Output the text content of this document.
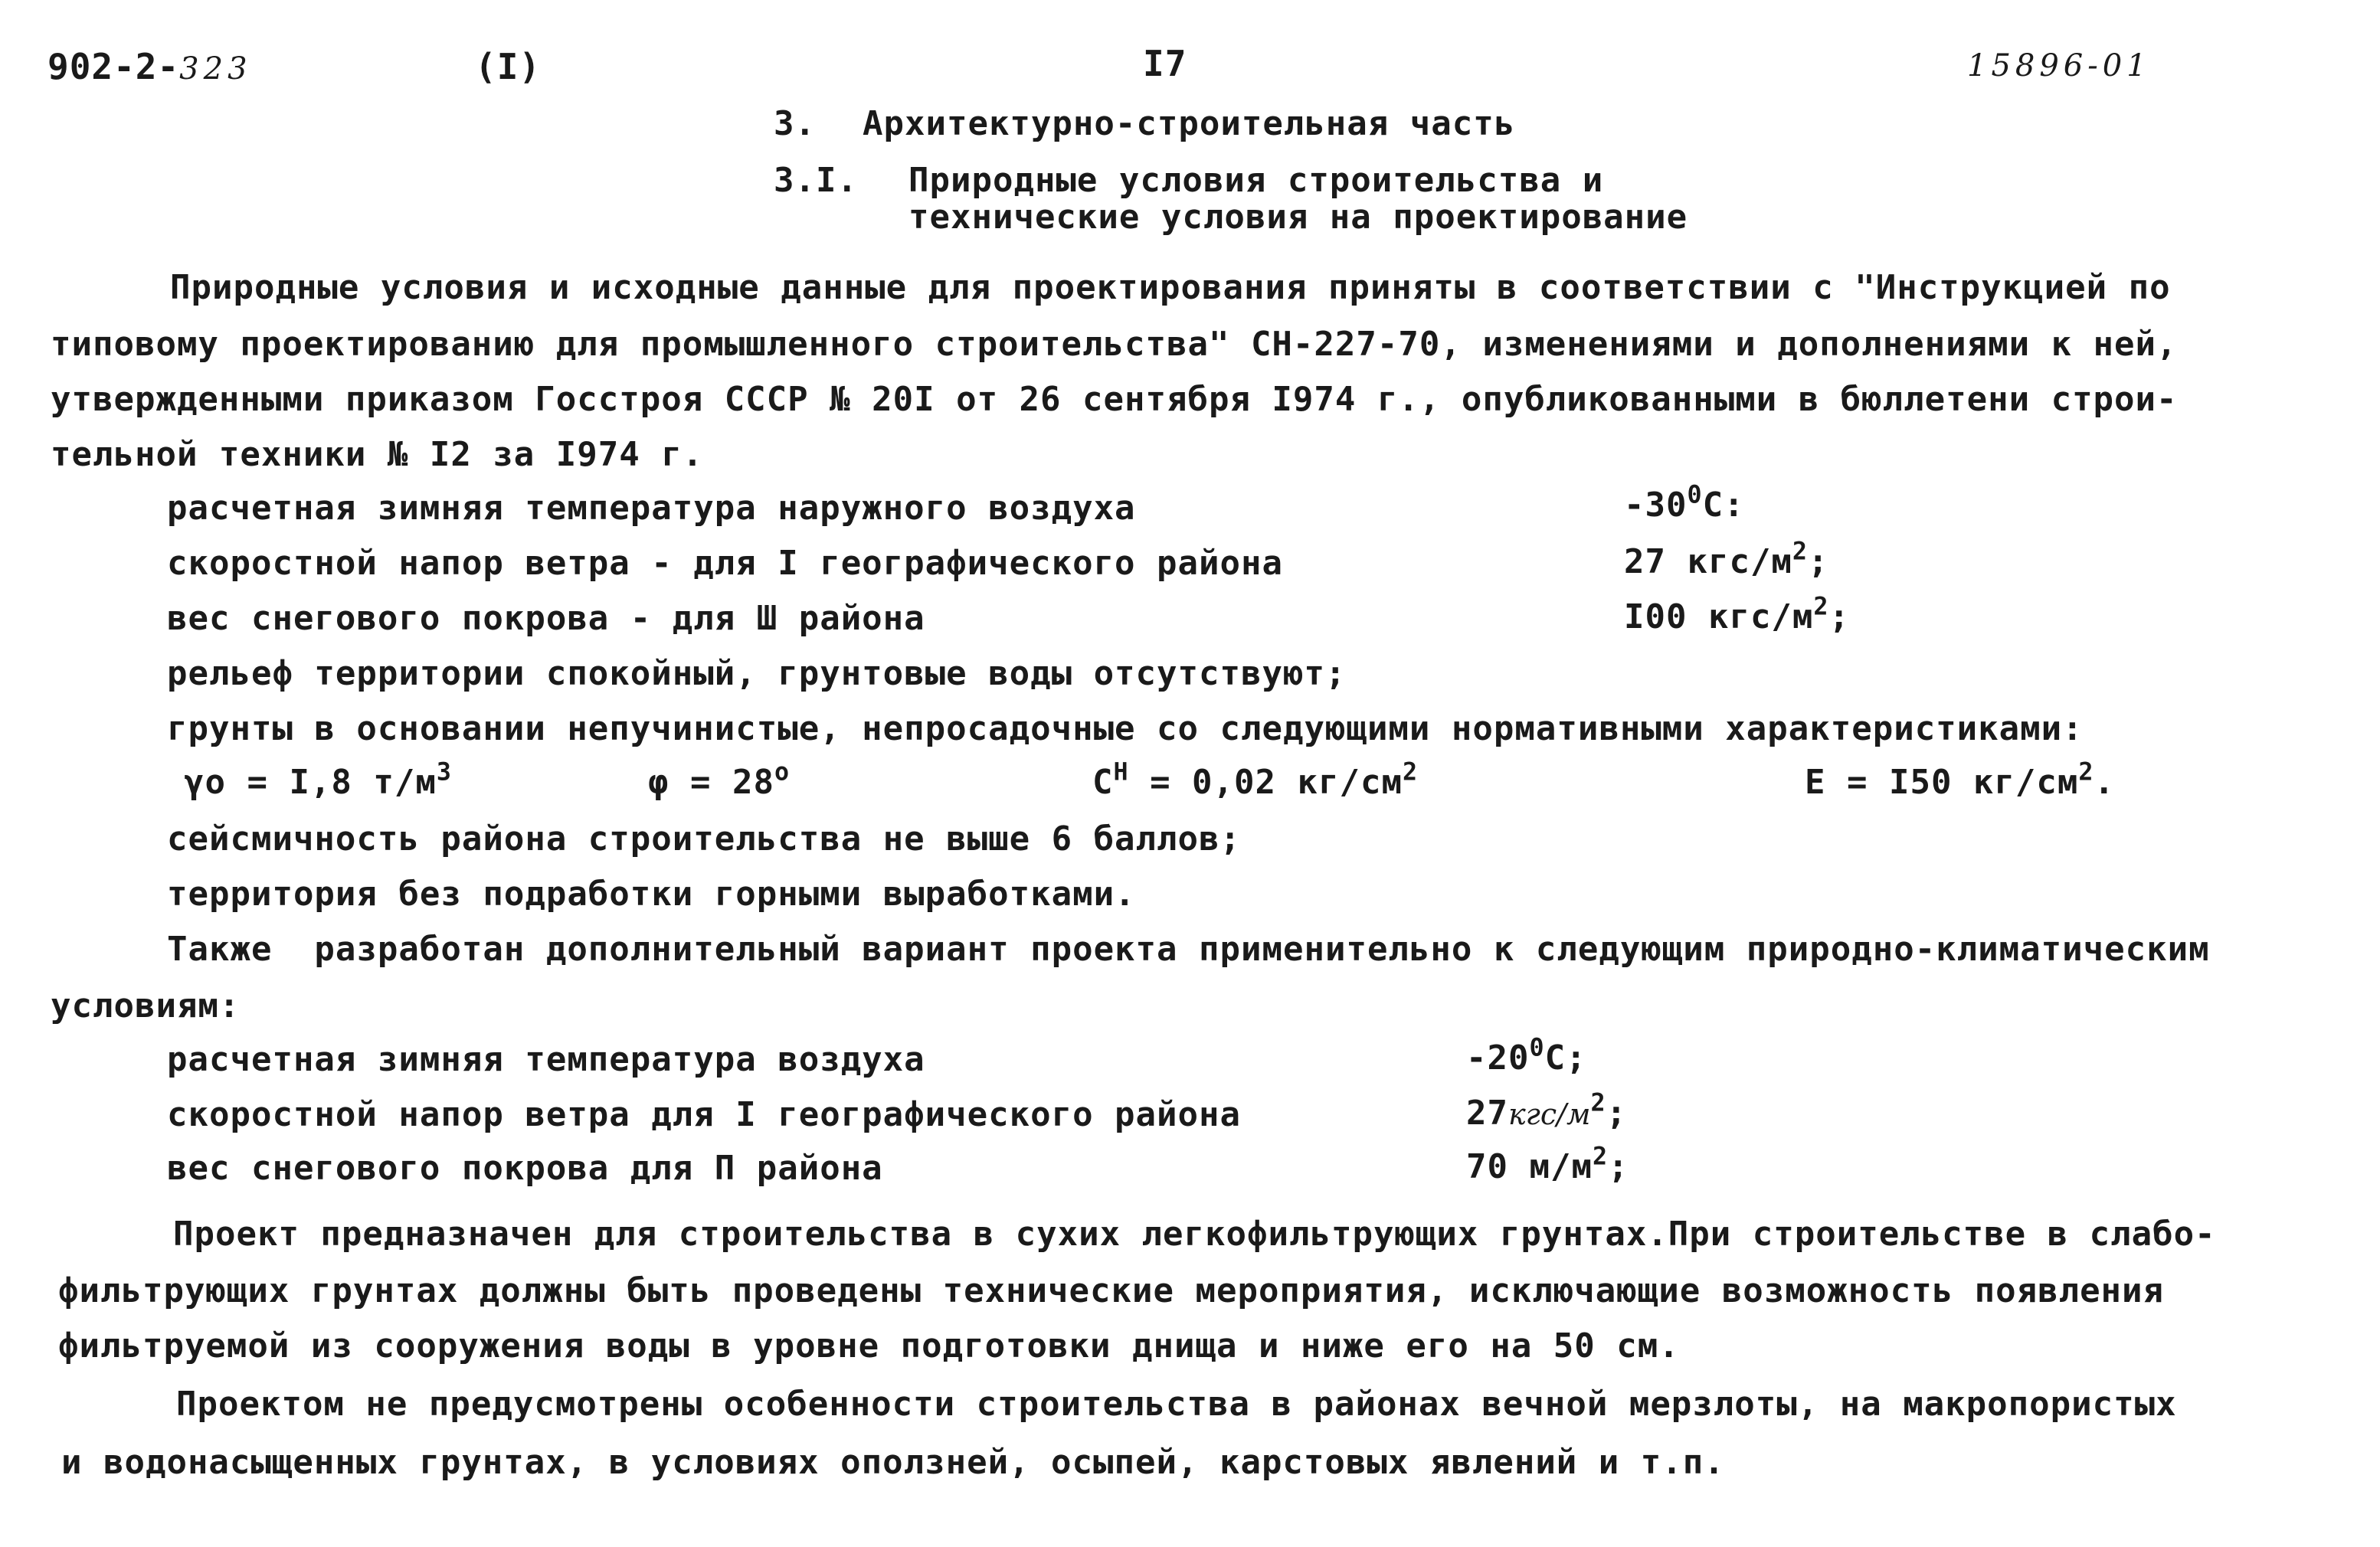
902-2-323	(I)	I7	15896-01
3. Архитектурно-строительная часть
3.I. Природные условия строительства и
технические условия на проектирование
Природные условия и исходные данные для проектирования приняты в соответствии с "Инструкцией по
типовому проектированию для промышленного строительства" СН-227-70, изменениями и дополнениями к ней,
утвержденными приказом Госстроя СССР № 20I от 26 сентября I974 г., опубликованными в бюллетени строи-
тельной техники № I2 за I974 г.
расчетная зимняя температура наружного воздуха	$-30^0C$:
скоростной напор ветра - для I географического района	27 кгс/$м^2$;
вес снегового покрова - для Ш района	I00 кгс/$м^2$;
рельеф территории спокойный, грунтовые воды отсутствуют;
грунты в основании непучинистые, непросадочные со следующими нормативными характеристиками:
γо = I,8 $т/м^3$	$\varphi = 28^o$	$С^Н = 0,02$ $кг/см^2$	Е = I50 $кг/см^2$.
сейсмичность района строительства не выше 6 баллов;
территория без подработки горными выработками.
Также  разработан дополнительный вариант проекта применительно к следующим природно-климатическим
условиям:
расчетная зимняя температура воздуха	$-20^0С$;
скоростной напор ветра для I географического района	$27кгс/м^2$;
вес снегового покрова для П района	70 $м/м^2$;
Проект предназначен для строительства в сухих легкофильтрующих грунтах.При строительстве в слабо-
фильтрующих грунтах должны быть проведены технические мероприятия, исключающие возможность появления
фильтруемой из сооружения воды в уровне подготовки днища и ниже его на 50 см.
Проектом не предусмотрены особенности строительства в районах вечной мерзлоты, на макропористых
и водонасыщенных грунтах, в условиях оползней, осыпей, карстовых явлений и т.п.
